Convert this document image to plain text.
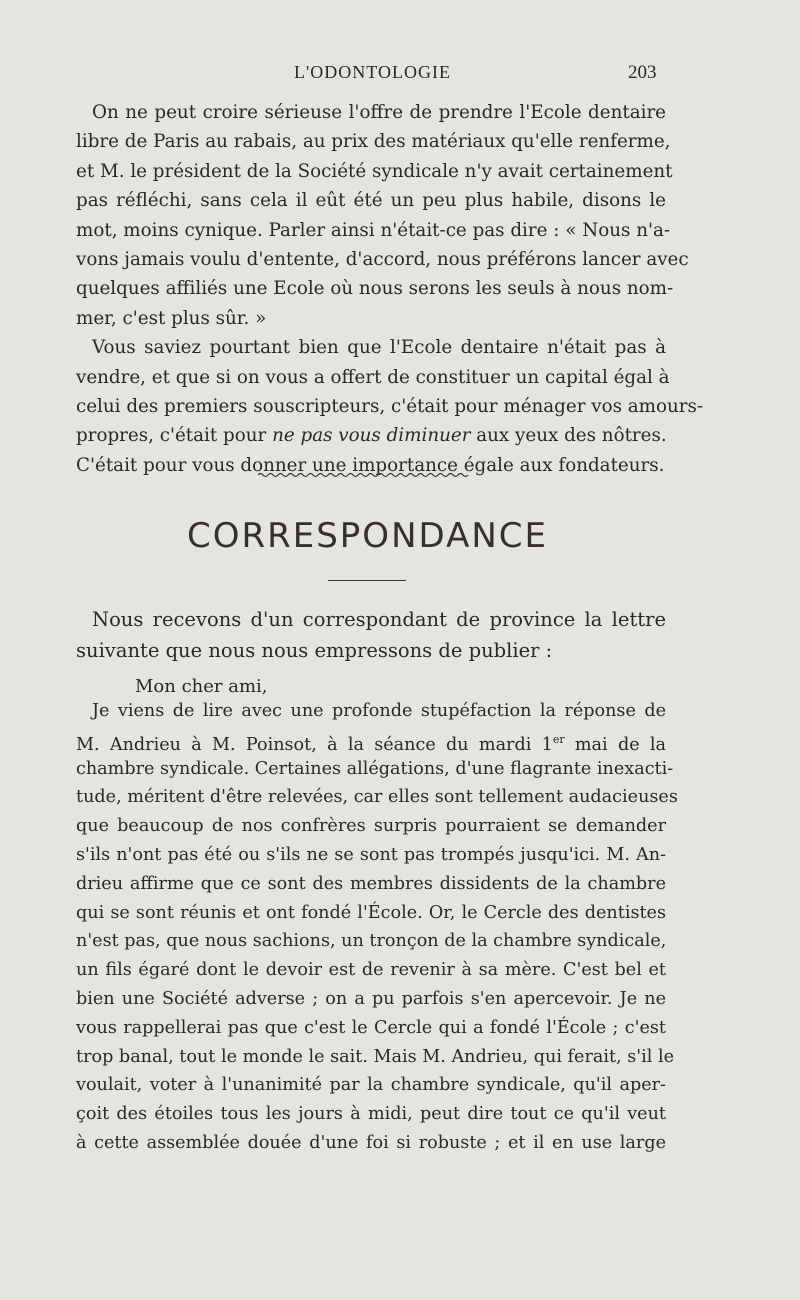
L'ODONTOLOGIE	203
On ne peut croire sérieuse l'offre de prendre l'Ecole dentaire
libre de Paris au rabais, au prix des matériaux qu'elle renferme,
et M. le président de la Société syndicale n'y avait certainement
pas réfléchi, sans cela il eût été un peu plus habile, disons le
mot, moins cynique. Parler ainsi n'était-ce pas dire : « Nous n'a-
vons jamais voulu d'entente, d'accord, nous préférons lancer avec
quelques affiliés une Ecole où nous serons les seuls à nous nom-
mer, c'est plus sûr. »
Vous saviez pourtant bien que l'Ecole dentaire n'était pas à
vendre, et que si on vous a offert de constituer un capital égal à
celui des premiers souscripteurs, c'était pour ménager vos amours-
propres, c'était pour ne pas vous diminuer aux yeux des nôtres.
C'était pour vous donner une importance égale aux fondateurs.
CORRESPONDANCE
Nous recevons d'un correspondant de province la lettre
suivante que nous nous empressons de publier :
Mon cher ami,
Je viens de lire avec une profonde stupéfaction la réponse de
M. Andrieu à M. Poinsot, à la séance du mardi 1er mai de la
chambre syndicale. Certaines allégations, d'une flagrante inexacti-
tude, méritent d'être relevées, car elles sont tellement audacieuses
que beaucoup de nos confrères surpris pourraient se demander
s'ils n'ont pas été ou s'ils ne se sont pas trompés jusqu'ici. M. An-
drieu affirme que ce sont des membres dissidents de la chambre
qui se sont réunis et ont fondé l'École. Or, le Cercle des dentistes
n'est pas, que nous sachions, un tronçon de la chambre syndicale,
un fils égaré dont le devoir est de revenir à sa mère. C'est bel et
bien une Société adverse ; on a pu parfois s'en apercevoir. Je ne
vous rappellerai pas que c'est le Cercle qui a fondé l'École ; c'est
trop banal, tout le monde le sait. Mais M. Andrieu, qui ferait, s'il le
voulait, voter à l'unanimité par la chambre syndicale, qu'il aper-
çoit des étoiles tous les jours à midi, peut dire tout ce qu'il veut
à cette assemblée douée d'une foi si robuste ; et il en use large
